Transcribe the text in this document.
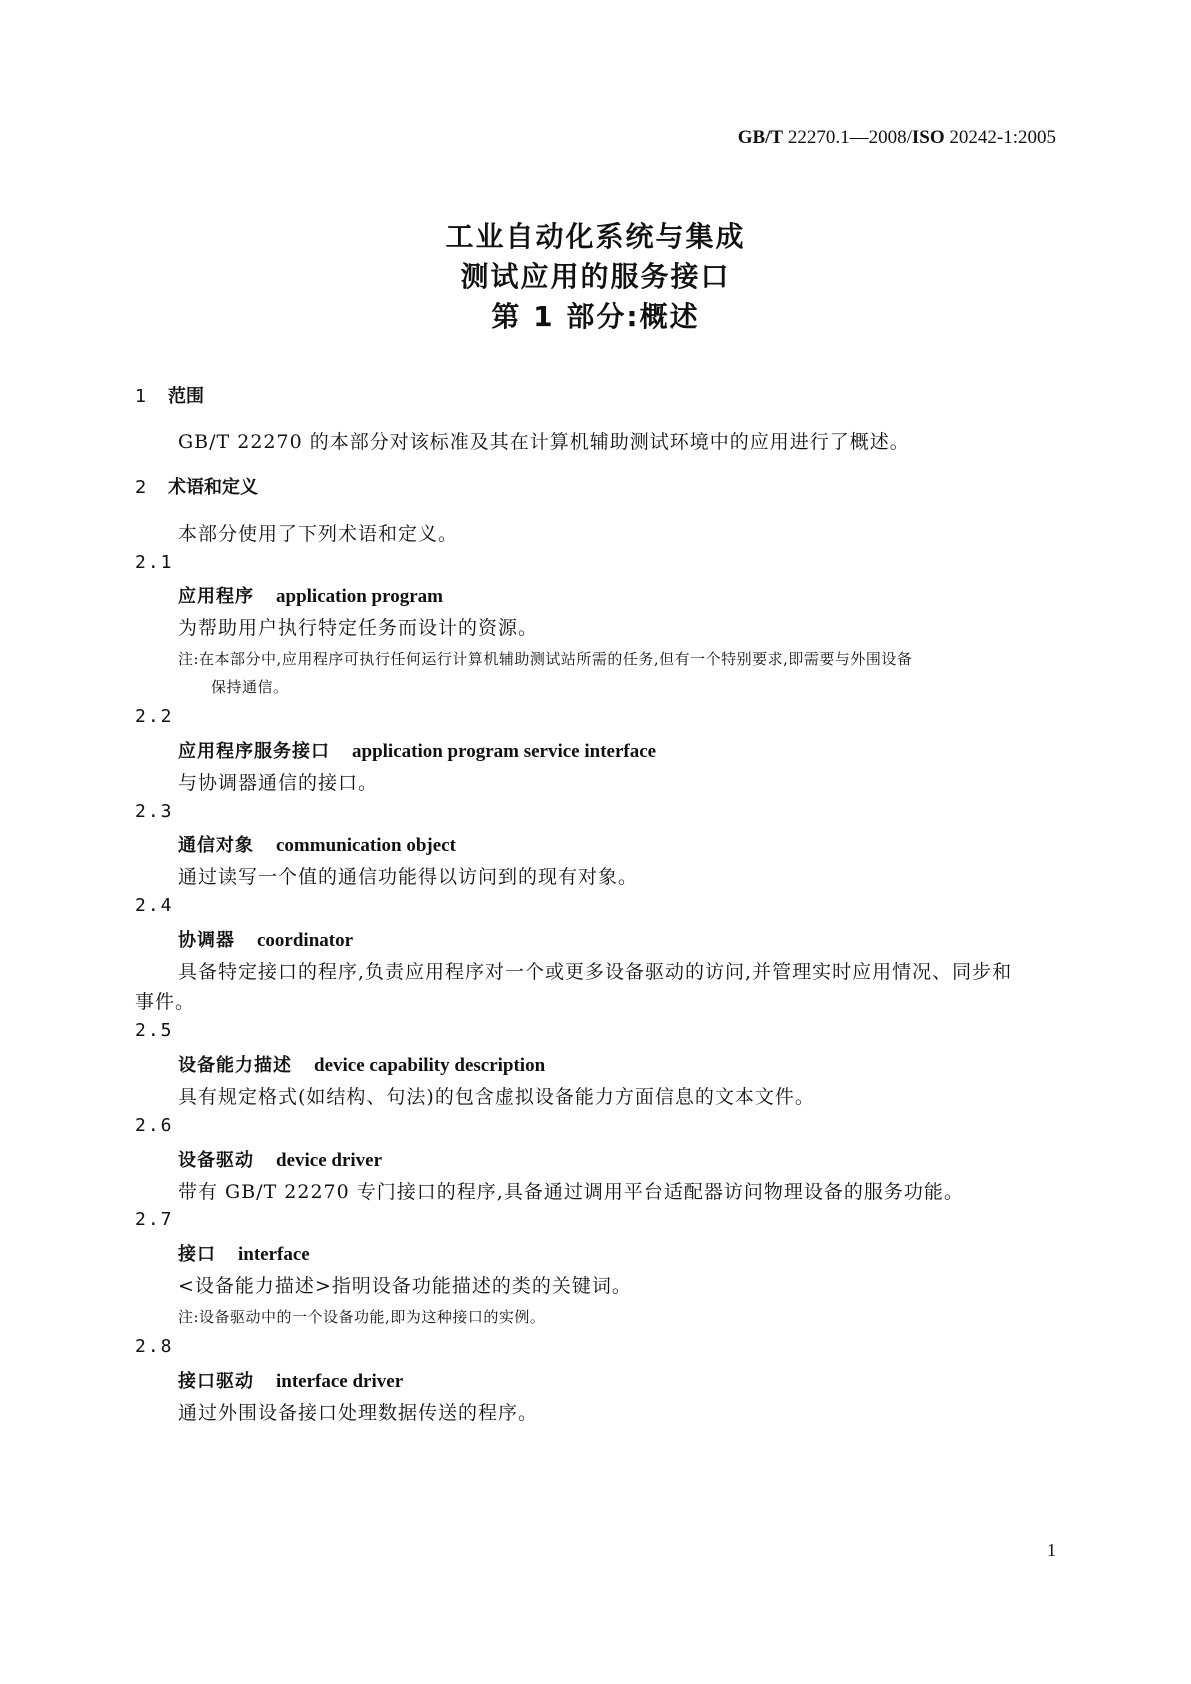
GB/T 22270.1—2008/ISO 20242-1:2005
工业自动化系统与集成
测试应用的服务接口
第 1 部分:概述
1 范围
GB/T 22270 的本部分对该标准及其在计算机辅助测试环境中的应用进行了概述。
2 术语和定义
本部分使用了下列术语和定义。
2.1
应用程序 application program
为帮助用户执行特定任务而设计的资源。
注:在本部分中,应用程序可执行任何运行计算机辅助测试站所需的任务,但有一个特别要求,即需要与外围设备
保持通信。
2.2
应用程序服务接口 application program service interface
与协调器通信的接口。
2.3
通信对象 communication object
通过读写一个值的通信功能得以访问到的现有对象。
2.4
协调器 coordinator
具备特定接口的程序,负责应用程序对一个或更多设备驱动的访问,并管理实时应用情况、同步和
事件。
2.5
设备能力描述 device capability description
具有规定格式(如结构、句法)的包含虚拟设备能力方面信息的文本文件。
2.6
设备驱动 device driver
带有 GB/T 22270 专门接口的程序,具备通过调用平台适配器访问物理设备的服务功能。
2.7
接口 interface
<设备能力描述>指明设备功能描述的类的关键词。
注:设备驱动中的一个设备功能,即为这种接口的实例。
2.8
接口驱动 interface driver
通过外围设备接口处理数据传送的程序。
1
